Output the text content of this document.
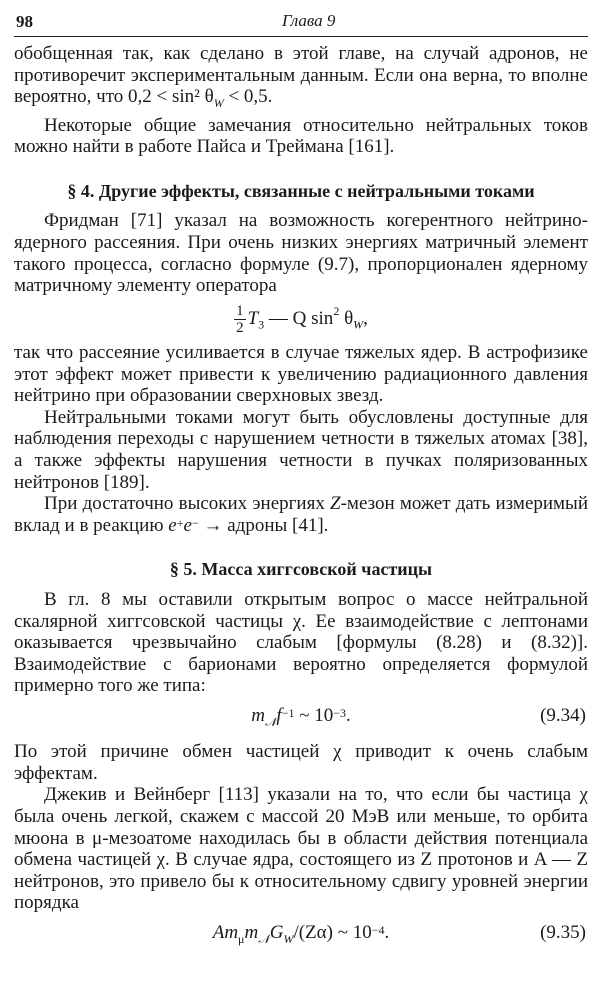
98	Глава 9

обобщенная так, как сделано в этой главе, на случай адронов, не противоречит экспериментальным данным. Если она верна, то вполне вероятно, что 0,2 < sin² $\theta_W < 0,5$.

Некоторые общие замечания относительно нейтральных токов можно найти в работе Пайса и Треймана [161].

§ 4. Другие эффекты, связанные с нейтральными токами

Фридман [71] указал на возможность когерентного нейтрино-ядерного рассеяния. При очень низких энергиях матричный элемент такого процесса, согласно формуле (9.7), пропорционален ядерному матричному элементу оператора

$\frac{1}{2} T_3$ — Q $\sin^2 \theta_W$,

так что рассеяние усиливается в случае тяжелых ядер. В астрофизике этот эффект может привести к увеличению радиационного давления нейтрино при образовании сверхновых звезд.

Нейтральными токами могут быть обусловлены доступные для наблюдения переходы с нарушением четности в тяжелых атомах [38], а также эффекты нарушения четности в пучках поляризованных нейтронов [189].

При достаточно высоких энергиях Z-мезон может дать измеримый вклад и в реакцию e+e− → адроны [41].

§ 5. Масса хиггсовской частицы

В гл. 8 мы оставили открытым вопрос о массе нейтральной скалярной хиггсовской частицы χ. Ее взаимодействие с лептонами оказывается чрезвычайно слабым [формулы (8.28) и (8.32)]. Взаимодействие с барионами вероятно определяется формулой примерно того же типа:

$m_𝒩f^{-1}$ ~ $10^{-3}$.	(9.34)

По этой причине обмен частицей χ приводит к очень слабым эффектам.

Джекив и Вейнберг [113] указали на то, что если бы частица χ была очень легкой, скажем с массой 20 МэВ или меньше, то орбита мюона в μ-мезоатоме находилась бы в области действия потенциала обмена частицей χ. В случае ядра, состоящего из Z протонов и A — Z нейтронов, это привело бы к относительному сдвигу уровней энергии порядка

$Am_\mu m_𝒩G_W/(Z\alpha)$ ~ $10^{-4}$.	(9.35)
